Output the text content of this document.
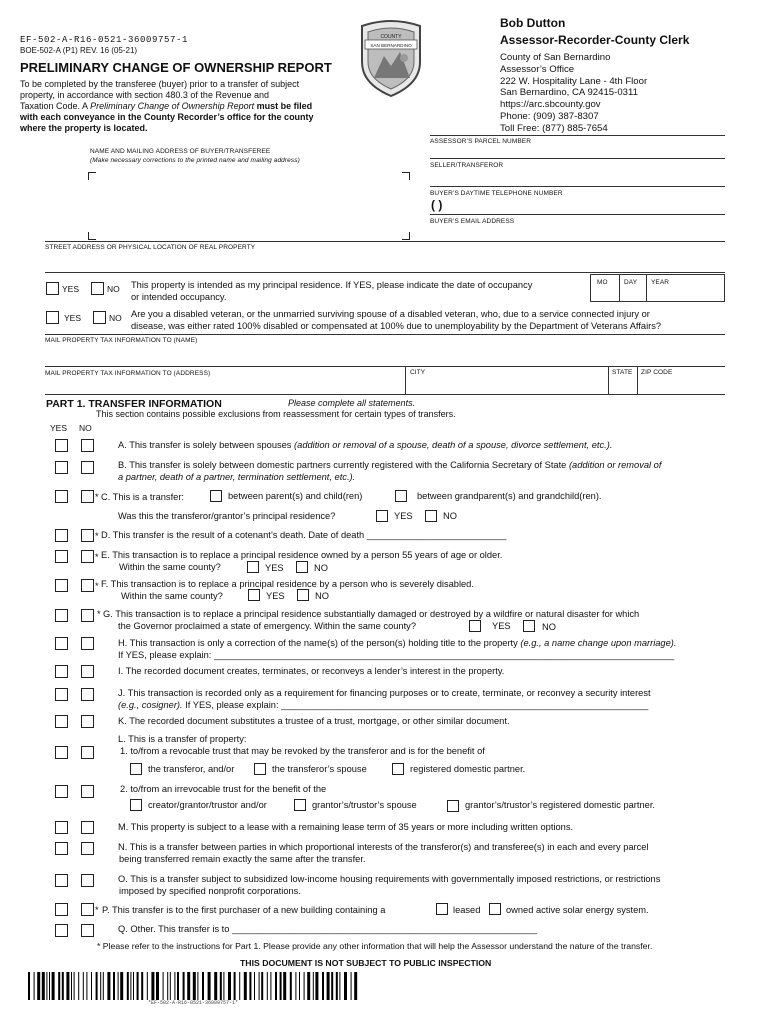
EF-502-A-R16-0521-36009757-1
BOE-502-A (P1) REV. 16 (05-21)
PRELIMINARY CHANGE OF OWNERSHIP REPORT
To be completed by the transferee (buyer) prior to a transfer of subject
property, in accordance with section 480.3 of the Revenue and
Taxation Code. A Preliminary Change of Ownership Report must be filed
with each conveyance in the County Recorder’s office for the county
where the property is located.
COUNTY
SAN BERNARDINO
Bob Dutton
Assessor-Recorder-County Clerk
County of San Bernardino
Assessor’s Office
222 W. Hospitality Lane - 4th Floor
San Bernardino, CA 92415-0311
https://arc.sbcounty.gov
Phone: (909) 387-8307
Toll Free: (877) 885-7654
ASSESSOR’S PARCEL NUMBER
NAME AND MAILING ADDRESS OF BUYER/TRANSFEREE
(Make necessary corrections to the printed name and mailing address)
SELLER/TRANSFEROR
BUYER’S DAYTIME TELEPHONE NUMBER
( )
BUYER’S EMAIL ADDRESS
STREET ADDRESS OR PHYSICAL LOCATION OF REAL PROPERTY
YES	NO This property is intended as my principal residence. If YES, please indicate the date of occupancy
or intended occupancy.
MO	DAY YEAR
YES	NO Are you a disabled veteran, or the unmarried surviving spouse of a disabled veteran, who, due to a service connected injury or
disease, was either rated 100% disabled or compensated at 100% due to unemployability by the Department of Veterans Affairs?
MAIL PROPERTY TAX INFORMATION TO (NAME)
MAIL PROPERTY TAX INFORMATION TO (ADDRESS)	CITY	STATE ZIP CODE
PART 1. TRANSFER INFORMATION	Please complete all statements.
This section contains possible exclusions from reassessment for certain types of transfers.
YES NO
A. This transfer is solely between spouses (addition or removal of a spouse, death of a spouse, divorce settlement, etc.).
B. This transfer is solely between domestic partners currently registered with the California Secretary of State (addition or removal of
a partner, death of a partner, termination settlement, etc.).
* C. This is a transfer:	between parent(s) and child(ren)	between grandparent(s) and grandchild(ren).
Was this the transferor/grantor’s principal residence?	YES	NO
* D. This transfer is the result of a cotenant’s death. Date of death ___________________________
* E. This transaction is to replace a principal residence owned by a person 55 years of age or older.
Within the same county?	YES	NO
* F. This transaction is to replace a principal residence by a person who is severely disabled.
Within the same county?	YES	NO
* G. This transaction is to replace a principal residence substantially damaged or destroyed by a wildfire or natural disaster for which
the Governor proclaimed a state of emergency. Within the same county?	YES	NO
H. This transaction is only a correction of the name(s) of the person(s) holding title to the property (e.g., a name change upon marriage).
If YES, please explain: _________________________________________________________________________________________
I. The recorded document creates, terminates, or reconveys a lender’s interest in the property.
J. This transaction is recorded only as a requirement for financing purposes or to create, terminate, or reconvey a security interest
(e.g., cosigner). If YES, please explain: _______________________________________________________________________
K. The recorded document substitutes a trustee of a trust, mortgage, or other similar document.
L. This is a transfer of property:
1. to/from a revocable trust that may be revoked by the transferor and is for the benefit of
the transferor, and/or	the transferor’s spouse	registered domestic partner.
2. to/from an irrevocable trust for the benefit of the
creator/grantor/trustor and/or	grantor’s/trustor’s spouse	grantor’s/trustor’s registered domestic partner.
M. This property is subject to a lease with a remaining lease term of 35 years or more including written options.
N. This is a transfer between parties in which proportional interests of the transferor(s) and transferee(s) in each and every parcel
being transferred remain exactly the same after the transfer.
O. This is a transfer subject to subsidized low-income housing requirements with governmentally imposed restrictions, or restrictions
imposed by specified nonprofit corporations.
* P. This transfer is to the first purchaser of a new building containing a	leased	owned active solar energy system.
Q. Other. This transfer is to ___________________________________________________________
* Please refer to the instructions for Part 1. Please provide any other information that will help the Assessor understand the nature of the transfer.
THIS DOCUMENT IS NOT SUBJECT TO PUBLIC INSPECTION
*EF-502-A-R16-0521-36009757-1*
